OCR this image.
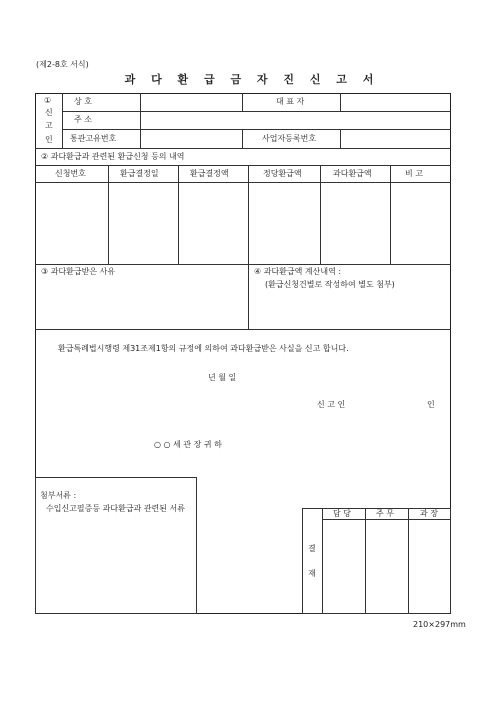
(제2-8호 서식)
과 다 환 급 금 자 진 신 고 서
①
신
고
인
상 호	대 표 자
주 소
통관고유번호	사업자등록번호
② 과다환급과 관련된 환급신청 등의 내역
신청번호	환급결정일	환급결정액	정당환급액	과다환급액	비 고
③ 과다환급받은 사유	④ 과다환급액 계산내역 :
(환급신청건별로 작성하여 별도 첨부)
환급특례법시행령 제31조제1항의 규정에 의하여 과다환급받은 사실을 신고 합니다.
년 월 일
신 고 인	인
○ ○ 세 관 장 귀 하
첨부서류 :
수입신고필증등 과다환급과 관련된 서류
결
재
담 당	주 무	과 장
210×297mm
